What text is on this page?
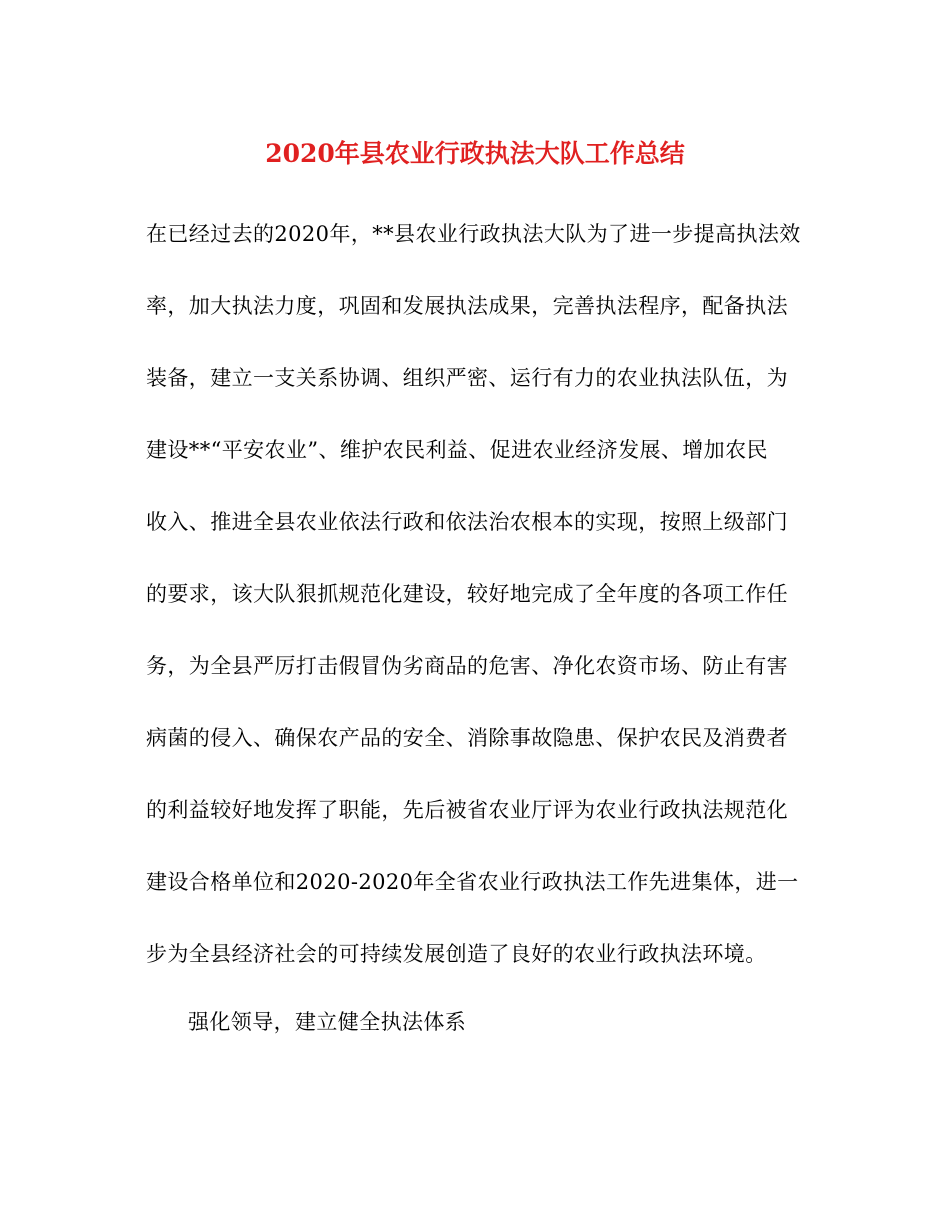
2020年县农业行政执法大队工作总结
在已经过去的2020年，**县农业行政执法大队为了进一步提高执法效
率，加大执法力度，巩固和发展执法成果，完善执法程序，配备执法
装备，建立一支关系协调、组织严密、运行有力的农业执法队伍，为
建设**“平安农业”、维护农民利益、促进农业经济发展、增加农民
收入、推进全县农业依法行政和依法治农根本的实现，按照上级部门
的要求，该大队狠抓规范化建设，较好地完成了全年度的各项工作任
务，为全县严厉打击假冒伪劣商品的危害、净化农资市场、防止有害
病菌的侵入、确保农产品的安全、消除事故隐患、保护农民及消费者
的利益较好地发挥了职能，先后被省农业厅评为农业行政执法规范化
建设合格单位和2020-2020年全省农业行政执法工作先进集体，进一
步为全县经济社会的可持续发展创造了良好的农业行政执法环境。
强化领导，建立健全执法体系
